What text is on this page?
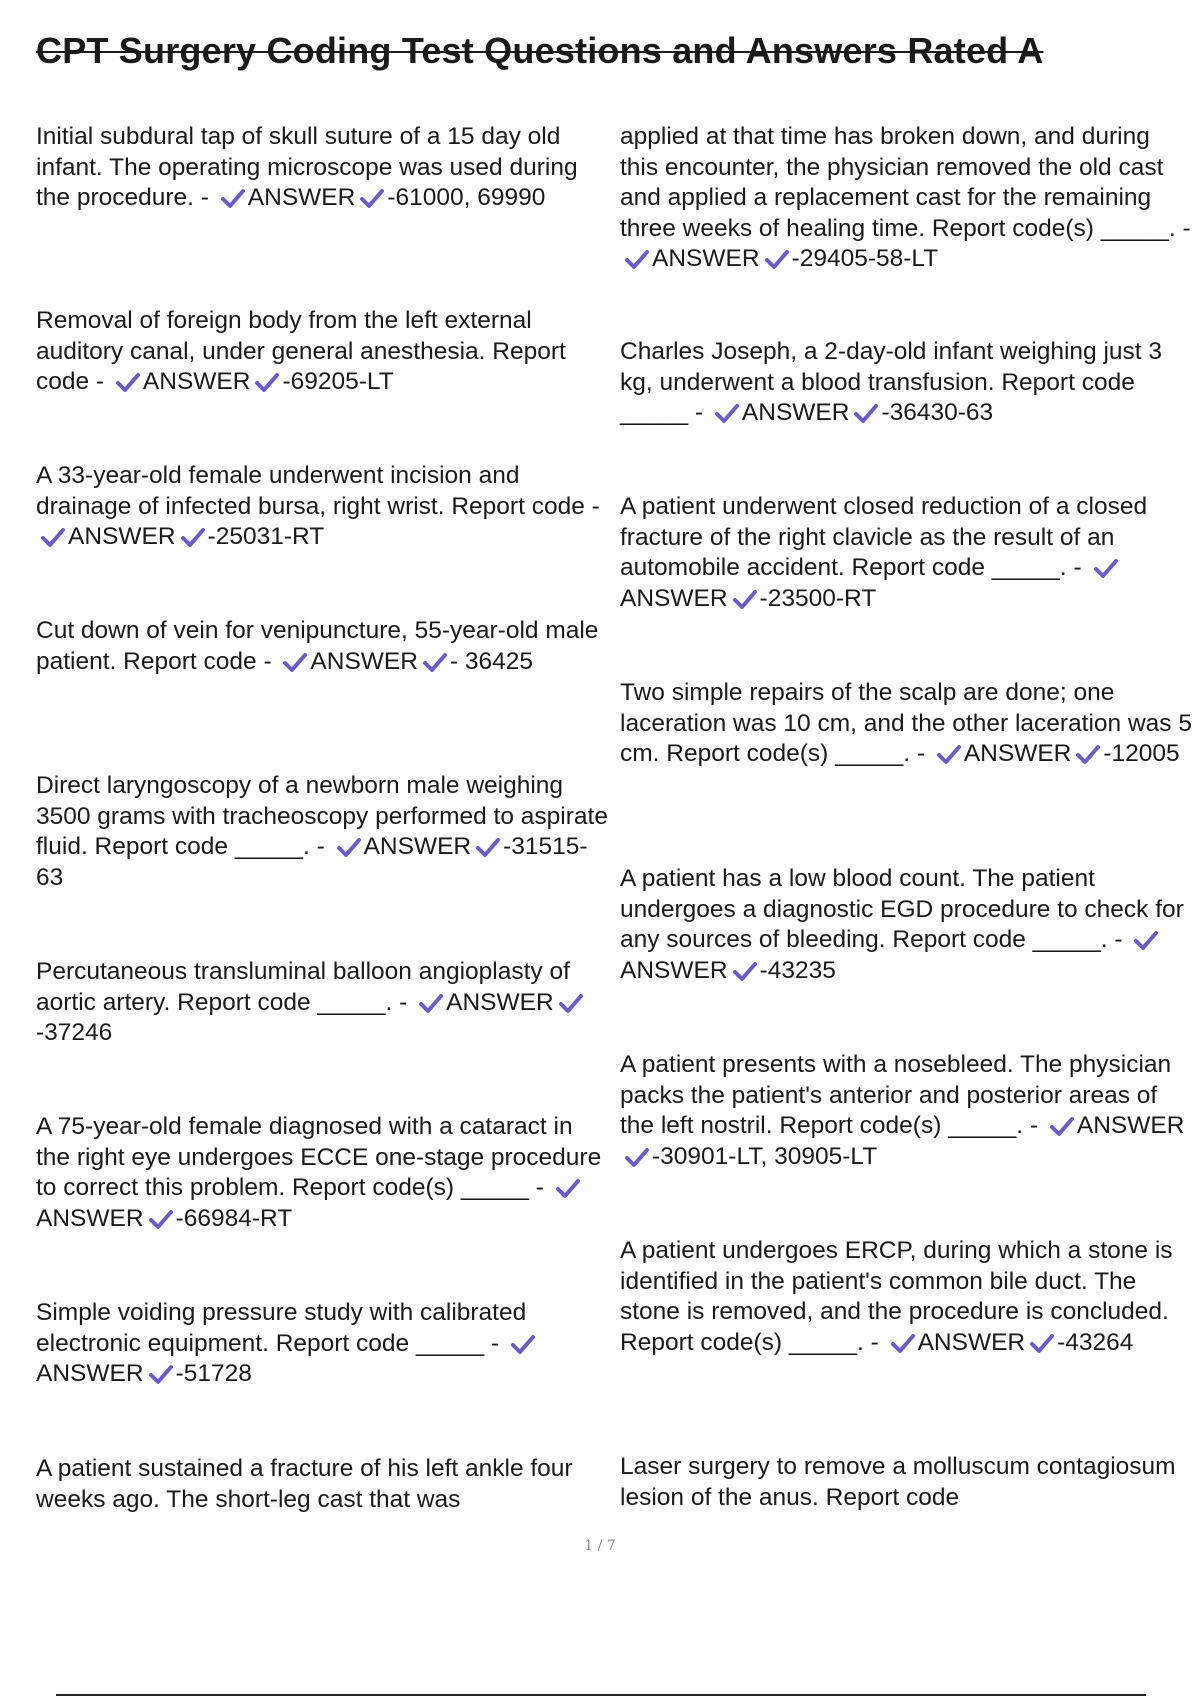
CPT Surgery Coding Test Questions and Answers Rated A
Initial subdural tap of skull suture of a 15 day old infant. The operating microscope was used during the procedure. - ANSWER -61000, 69990
Removal of foreign body from the left external auditory canal, under general anesthesia. Report code - ANSWER -69205-LT
A 33-year-old female underwent incision and drainage of infected bursa, right wrist. Report code -
ANSWER -25031-RT
Cut down of vein for venipuncture, 55-year-old male patient. Report code - ANSWER - 36425
Direct laryngoscopy of a newborn male weighing 3500 grams with tracheoscopy performed to aspirate fluid. Report code _____. - ANSWER -31515-63
Percutaneous transluminal balloon angioplasty of aortic artery. Report code _____. - ANSWER
-37246
A 75-year-old female diagnosed with a cataract in the right eye undergoes ECCE one-stage procedure to correct this problem. Report code(s) _____ -
ANSWER -66984-RT
Simple voiding pressure study with calibrated electronic equipment. Report code _____ -
ANSWER -51728
A patient sustained a fracture of his left ankle four weeks ago. The short-leg cast that was
applied at that time has broken down, and during this encounter, the physician removed the old cast and applied a replacement cast for the remaining three weeks of healing time. Report code(s) _____. -
ANSWER -29405-58-LT
Charles Joseph, a 2-day-old infant weighing just 3 kg, underwent a blood transfusion. Report code _____ - ANSWER -36430-63
A patient underwent closed reduction of a closed fracture of the right clavicle as the result of an automobile accident. Report code _____. -
ANSWER -23500-RT
Two simple repairs of the scalp are done; one laceration was 10 cm, and the other laceration was 5 cm. Report code(s) _____. - ANSWER -12005
A patient has a low blood count. The patient undergoes a diagnostic EGD procedure to check for any sources of bleeding. Report code _____. -
ANSWER -43235
A patient presents with a nosebleed. The physician packs the patient's anterior and posterior areas of the left nostril. Report code(s) _____. - ANSWER
-30901-LT, 30905-LT
A patient undergoes ERCP, during which a stone is identified in the patient's common bile duct. The stone is removed, and the procedure is concluded. Report code(s) _____. - ANSWER -43264
Laser surgery to remove a molluscum contagiosum lesion of the anus. Report code
1 / 7
